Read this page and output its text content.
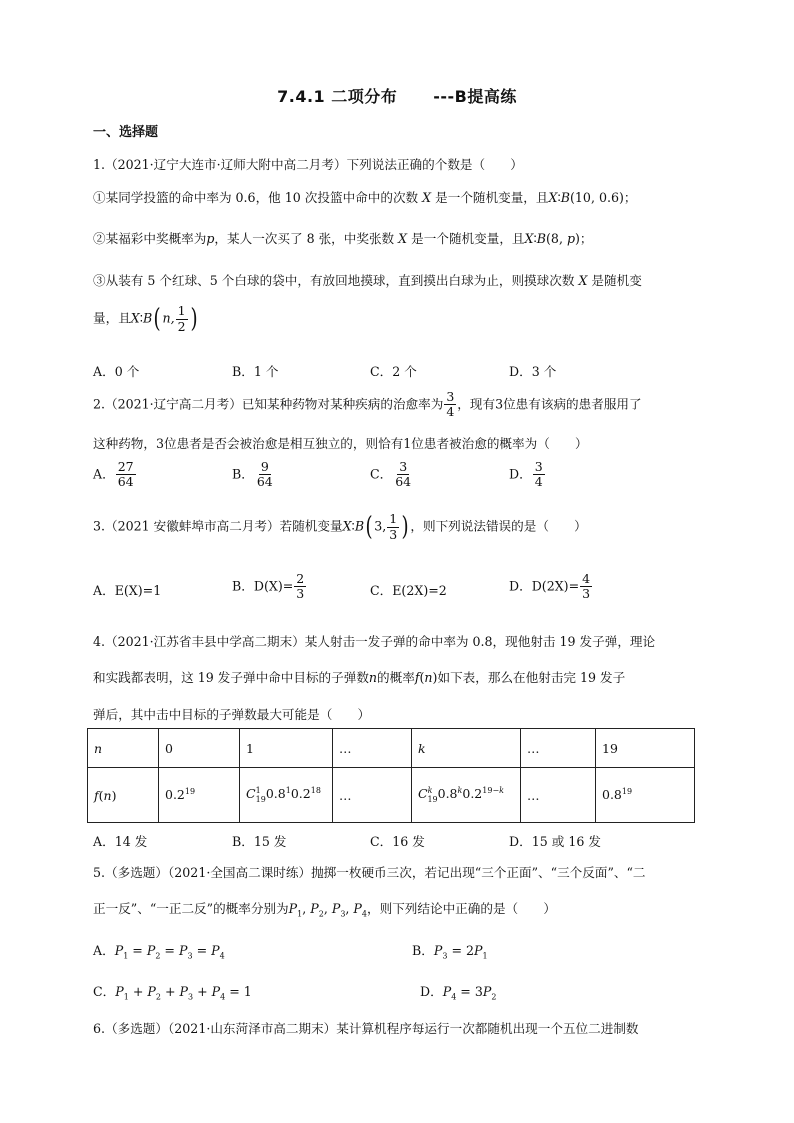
7.4.1 二项分布 ---B提高练
一、选择题
1.（2021·辽宁大连市·辽师大附中高二月考）下列说法正确的个数是（　　）
①某同学投篮的命中率为 0.6，他 10 次投篮中命中的次数 X 是一个随机变量，且X∶B(10, 0.6)；
②某福彩中奖概率为p，某人一次买了 8 张，中奖张数 X 是一个随机变量，且X∶B(8, p)；
③从装有 5 个红球、5 个白球的袋中，有放回地摸球，直到摸出白球为止，则摸球次数 X 是随机变
量，且X∶B( n, $\frac{1}{2}$ )
A．0 个	B．1 个	C．2 个	D．3 个
2.（2021·辽宁高二月考）已知某种药物对某种疾病的治愈率为 $\frac{3}{4}$ ，现有3位患有该病的患者服用了
这种药物，3位患者是否会被治愈是相互独立的，则恰有1位患者被治愈的概率为（　　）
A． $\frac{27}{64}$	B． $\frac{9}{64}$	C． $\frac{3}{64}$	D． $\frac{3}{4}$
3.（2021 安徽蚌埠市高二月考）若随机变量X∶B( 3, $\frac{1}{3}$ ) ，则下列说法错误的是（　　）
A．E(X)=1	B．$D(X)= \frac{2}{3}$	C．E(2X)=2	D．$D(2X)= \frac{4}{3}$
4.（2021·江苏省丰县中学高二期末）某人射击一发子弹的命中率为 0.8，现他射击 19 发子弹，理论
和实践都表明，这 19 发子弹中命中目标的子弹数n的概率f(n)如下表，那么在他射击完 19 发子
弹后，其中击中目标的子弹数最大可能是（　　）
n	0	1	…	k	…	19
f(n)	$0.2^{19}$	$C^1_{19}0.8^10.2^{18}$	…	$C^k_{19}0.8^k0.2^{19-k}$	…	$0.8^{19}$
A．14 发	B．15 发	C．16 发	D．15 或 16 发
5.（多选题）（2021·全国高二课时练）抛掷一枚硬币三次，若记出现“三个正面”、“三个反面”、“二
正一反”、“一正二反”的概率分别为$P_1$, $P_2$, $P_3$, $P_4$，则下列结论中正确的是（　　）
A．$P_1 = P_2 = P_3 = P_4$	B．$P_3 = 2P_1$
C．$P_1 + P_2 + P_3 + P_4 = 1$	D．$P_4 = 3P_2$
6.（多选题）（2021·山东菏泽市高二期末）某计算机程序每运行一次都随机出现一个五位二进制数
